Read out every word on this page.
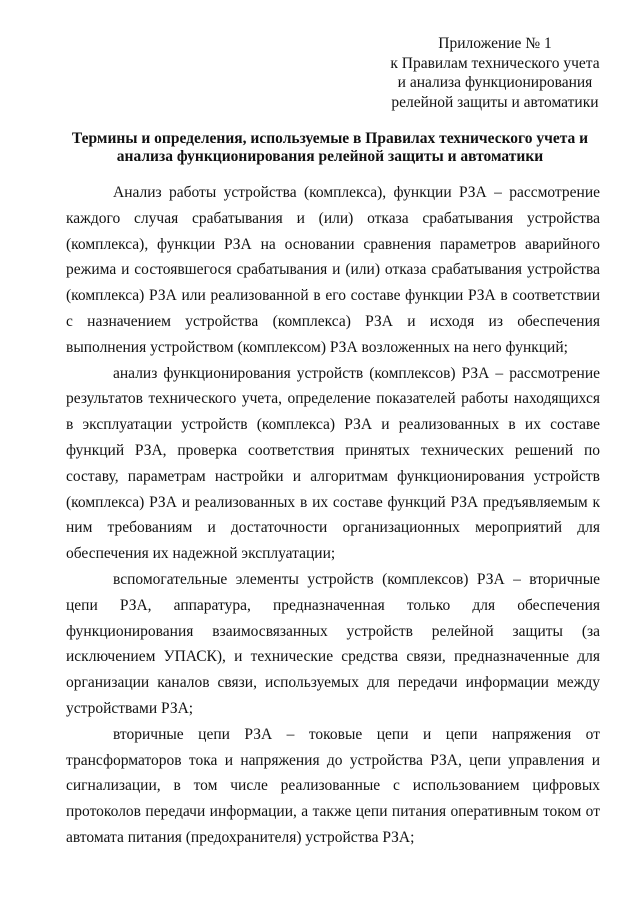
Приложение № 1
к Правилам технического учета
и анализа функционирования
релейной защиты и автоматики
Термины и определения, используемые в Правилах технического учета и
анализа функционирования релейной защиты и автоматики

Анализ работы устройства (комплекса), функции РЗА – рассмотрение каждого случая срабатывания и (или) отказа срабатывания устройства (комплекса), функции РЗА на основании сравнения параметров аварийного режима и состоявшегося срабатывания и (или) отказа срабатывания устройства (комплекса) РЗА или реализованной в его составе функции РЗА в соответствии с назначением устройства (комплекса) РЗА и исходя из обеспечения выполнения устройством (комплексом) РЗА возложенных на него функций;

анализ функционирования устройств (комплексов) РЗА – рассмотрение результатов технического учета, определение показателей работы находящихся в эксплуатации устройств (комплекса) РЗА и реализованных в их составе функций РЗА, проверка соответствия принятых технических решений по составу, параметрам настройки и алгоритмам функционирования устройств (комплекса) РЗА и реализованных в их составе функций РЗА предъявляемым к ним требованиям и достаточности организационных мероприятий для обеспечения их надежной эксплуатации;

вспомогательные элементы устройств (комплексов) РЗА – вторичные цепи РЗА, аппаратура, предназначенная только для обеспечения функционирования взаимосвязанных устройств релейной защиты (за исключением УПАСК), и технические средства связи, предназначенные для организации каналов связи, используемых для передачи информации между устройствами РЗА;

вторичные цепи РЗА – токовые цепи и цепи напряжения от трансформаторов тока и напряжения до устройства РЗА, цепи управления и сигнализации, в том числе реализованные с использованием цифровых протоколов передачи информации, а также цепи питания оперативным током от автомата питания (предохранителя) устройства РЗА;
